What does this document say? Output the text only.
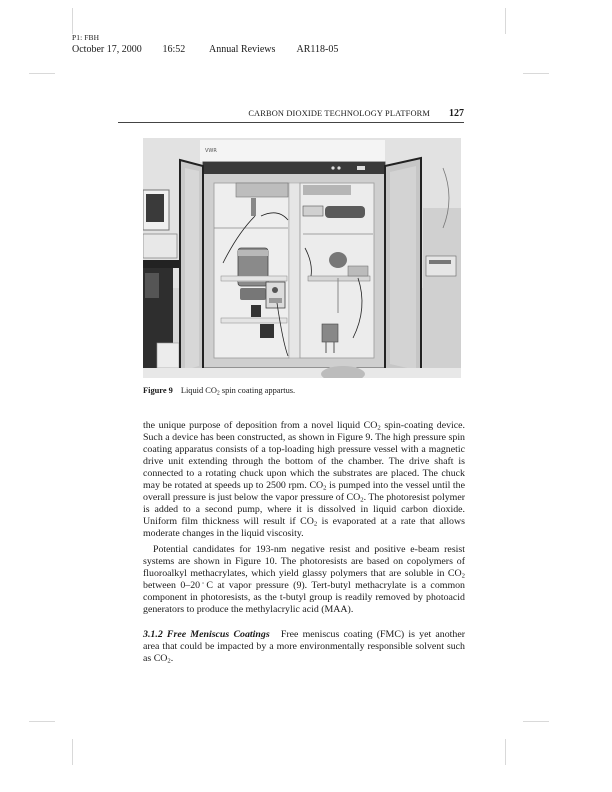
P1: FBH
October 17, 2000 16:52 Annual Reviews AR118-05
CARBON DIOXIDE TECHNOLOGY PLATFORM 127
VWR
Figure 9 Liquid $CO_2$ spin coating appartus.
the unique purpose of deposition from a novel liquid $CO_2$ spin-coating device. Such a device has been constructed, as shown in Figure 9. The high pressure spin coating apparatus consists of a top-loading high pressure vessel with a magnetic drive unit extending through the bottom of the chamber. The drive shaft is connected to a rotating chuck upon which the substrates are placed. The chuck may be rotated at speeds up to 2500 rpm. $CO_2$ is pumped into the vessel until the overall pressure is just below the vapor pressure of $CO_2$. The photoresist polymer is added to a second pump, where it is dissolved in liquid carbon dioxide. Uniform film thickness will result if $CO_2$ is evaporated at a rate that allows moderate changes in the liquid viscosity.
Potential candidates for 193-nm negative resist and positive e-beam resist systems are shown in Figure 10. The photoresists are based on copolymers of fluoroalkyl methacrylates, which yield glassy polymers that are soluble in $CO_2$ between 0–20◦C at vapor pressure (9). Tert-butyl methacrylate is a common component in photoresists, as the t-butyl group is readily removed by photoacid generators to produce the methylacrylic acid (MAA).
3.1.2 Free Meniscus Coatings Free meniscus coating (FMC) is yet another area that could be impacted by a more environmentally responsible solvent such as $CO_2$.
